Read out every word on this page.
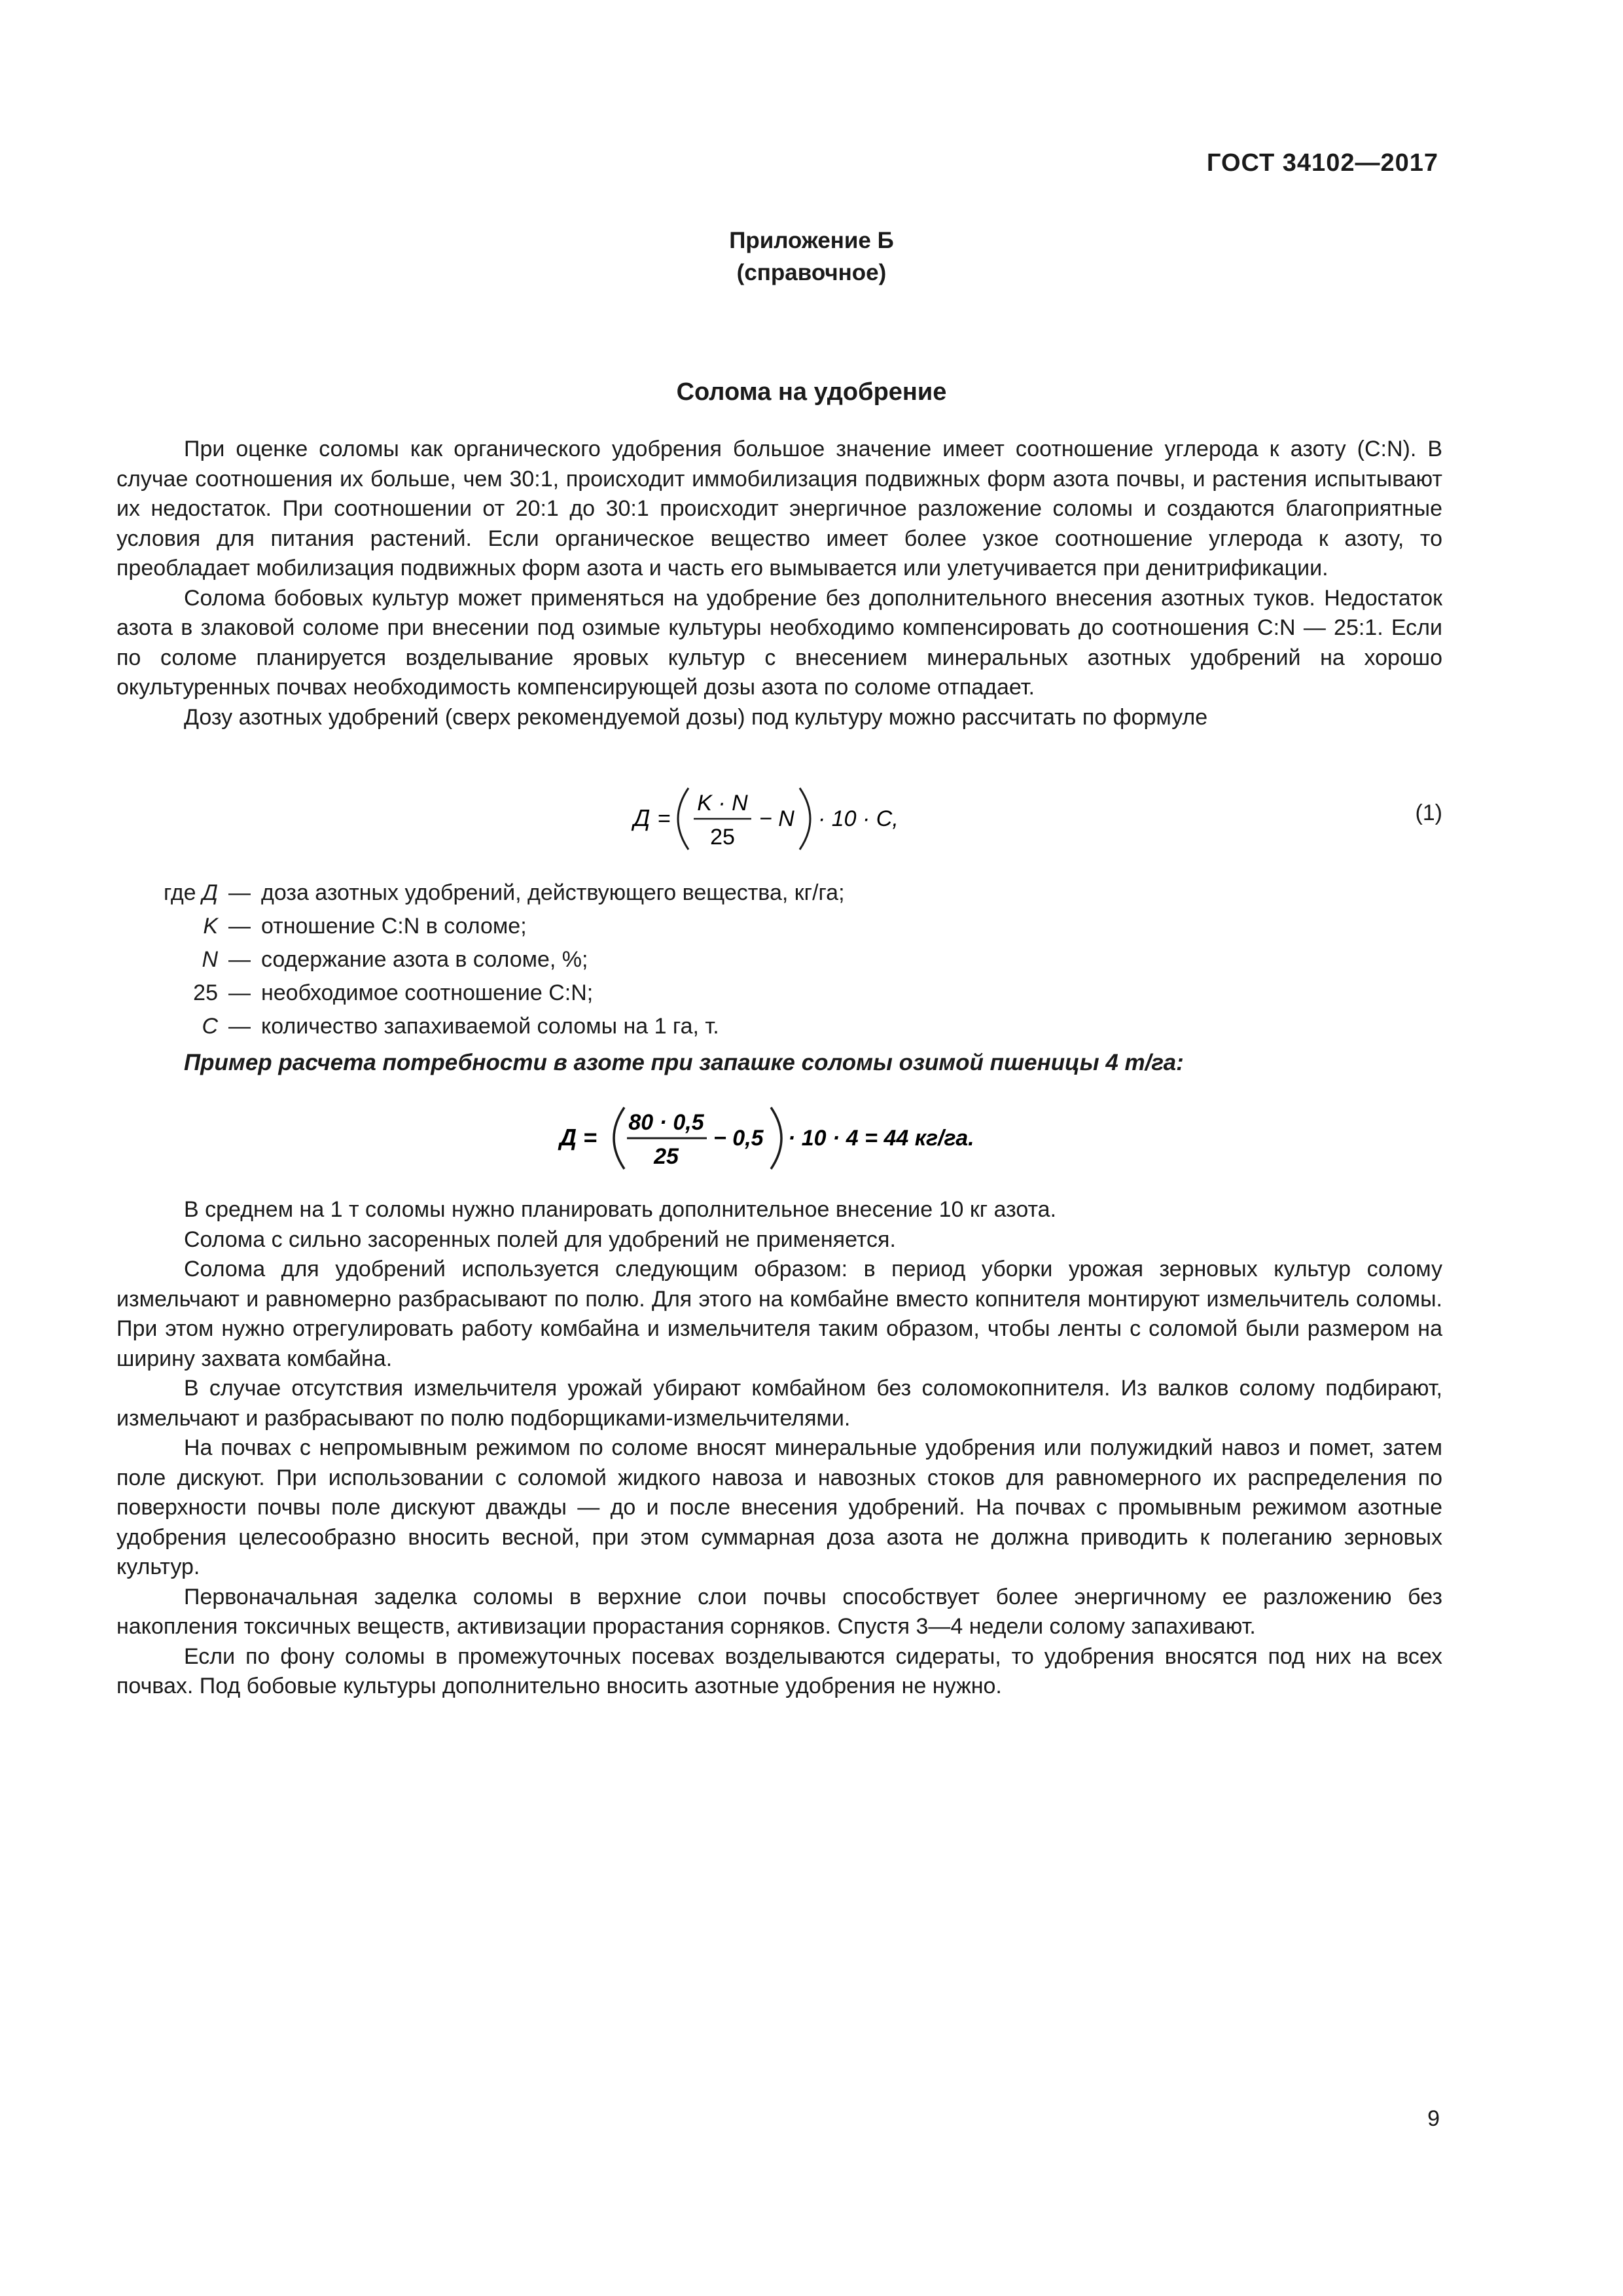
ГОСТ 34102—2017
Приложение Б
(справочное)
Солома на удобрение

При оценке соломы как органического удобрения большое значение имеет соотношение углерода к азоту (C:N). В случае соотношения их больше, чем 30:1, происходит иммобилизация подвижных форм азота почвы, и растения испытывают их недостаток. При соотношении от 20:1 до 30:1 происходит энергичное разложение соломы и создаются благоприятные условия для питания растений. Если органическое вещество имеет более узкое соотношение углерода к азоту, то преобладает мобилизация подвижных форм азота и часть его вымывается или улетучивается при денитрификации.

Солома бобовых культур может применяться на удобрение без дополнительного внесения азотных туков. Недостаток азота в злаковой соломе при внесении под озимые культуры необходимо компенсировать до соотношения C:N — 25:1. Если по соломе планируется возделывание яровых культур с внесением минеральных азотных удобрений на хорошо окультуренных почвах необходимость компенсирующей дозы азота по соломе отпадает.

Дозу азотных удобрений (сверх рекомендуемой дозы) под культуру можно рассчитать по формуле

Д =
K · N
25
− N · 10 · C,	(1)
где Д — доза азотных удобрений, действующего вещества, кг/га;
K — отношение C:N в соломе;
N — содержание азота в соломе, %;
25 — необходимое соотношение C:N;
C — количество запахиваемой соломы на 1 га, т.
Пример расчета потребности в азоте при запашке соломы озимой пшеницы 4 т/га:
Д =
80 · 0,5
25
− 0,5 · 10 · 4 = 44 кг/га.

В среднем на 1 т соломы нужно планировать дополнительное внесение 10 кг азота.

Солома с сильно засоренных полей для удобрений не применяется.

Солома для удобрений используется следующим образом: в период уборки урожая зерновых культур солому измельчают и равномерно разбрасывают по полю. Для этого на комбайне вместо копнителя монтируют измельчитель соломы. При этом нужно отрегулировать работу комбайна и измельчителя таким образом, чтобы ленты с соломой были размером на ширину захвата комбайна.

В случае отсутствия измельчителя урожай убирают комбайном без соломокопнителя. Из валков солому подбирают, измельчают и разбрасывают по полю подборщиками-измельчителями.

На почвах с непромывным режимом по соломе вносят минеральные удобрения или полужидкий навоз и помет, затем поле дискуют. При использовании с соломой жидкого навоза и навозных стоков для равномерного их распределения по поверхности почвы поле дискуют дважды — до и после внесения удобрений. На почвах с промывным режимом азотные удобрения целесообразно вносить весной, при этом суммарная доза азота не должна приводить к полеганию зерновых культур.

Первоначальная заделка соломы в верхние слои почвы способствует более энергичному ее разложению без накопления токсичных веществ, активизации прорастания сорняков. Спустя 3—4 недели солому запахивают.

Если по фону соломы в промежуточных посевах возделываются сидераты, то удобрения вносятся под них на всех почвах. Под бобовые культуры дополнительно вносить азотные удобрения не нужно.

9
